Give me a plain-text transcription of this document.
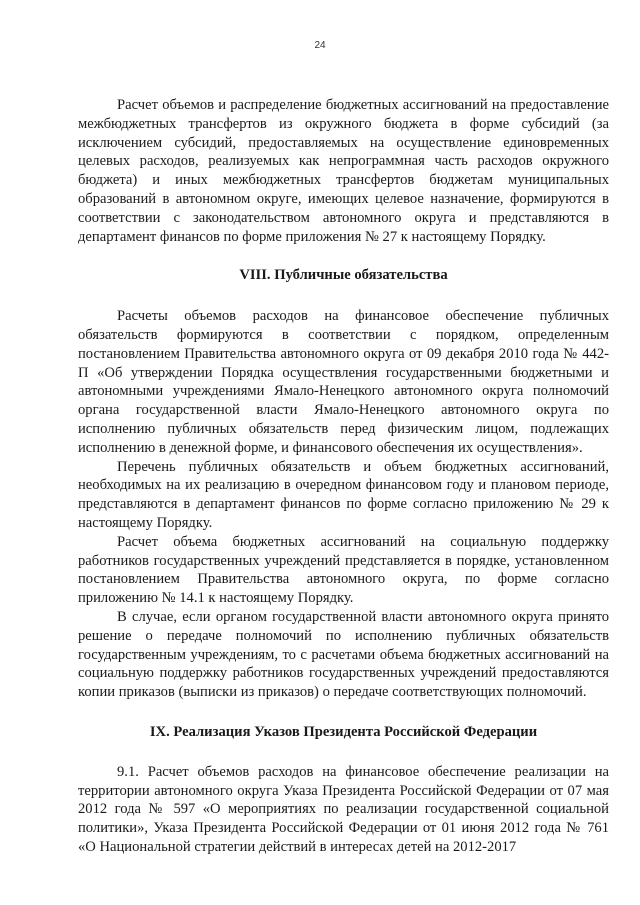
24

Расчет объемов и распределение бюджетных ассигнований на предоставление межбюджетных трансфертов из окружного бюджета в форме субсидий (за исключением субсидий, предоставляемых на осуществление единовременных целевых расходов, реализуемых как непрограммная часть расходов окружного бюджета) и иных межбюджетных трансфертов бюджетам муниципальных образований в автономном округе, имеющих целевое назначение, формируются в соответствии с законодательством автономного округа и представляются в департамент финансов по форме приложения № 27 к настоящему Порядку.

VIII. Публичные обязательства

Расчеты объемов расходов на финансовое обеспечение публичных обязательств формируются в соответствии с порядком, определенным постановлением Правительства автономного округа от 09 декабря 2010 года № 442-П «Об утверждении Порядка осуществления государственными бюджетными и автономными учреждениями Ямало-Ненецкого автономного округа полномочий органа государственной власти Ямало-Ненецкого автономного округа по исполнению публичных обязательств перед физическим лицом, подлежащих исполнению в денежной форме, и финансового обеспечения их осуществления».

Перечень публичных обязательств и объем бюджетных ассигнований, необходимых на их реализацию в очередном финансовом году и плановом периоде, представляются в департамент финансов по форме согласно приложению № 29 к настоящему Порядку.

Расчет объема бюджетных ассигнований на социальную поддержку работников государственных учреждений представляется в порядке, установленном постановлением Правительства автономного округа, по форме согласно приложению № 14.1 к настоящему Порядку.

В случае, если органом государственной власти автономного округа принято решение о передаче полномочий по исполнению публичных обязательств государственным учреждениям, то с расчетами объема бюджетных ассигнований на социальную поддержку работников государственных учреждений предоставляются копии приказов (выписки из приказов) о передаче соответствующих полномочий.

IX. Реализация Указов Президента Российской Федерации

9.1. Расчет объемов расходов на финансовое обеспечение реализации на территории автономного округа Указа Президента Российской Федерации от 07 мая 2012 года № 597 «О мероприятиях по реализации государственной социальной политики», Указа Президента Российской Федерации от 01 июня 2012 года № 761 «О Национальной стратегии действий в интересах детей на 2012-2017
